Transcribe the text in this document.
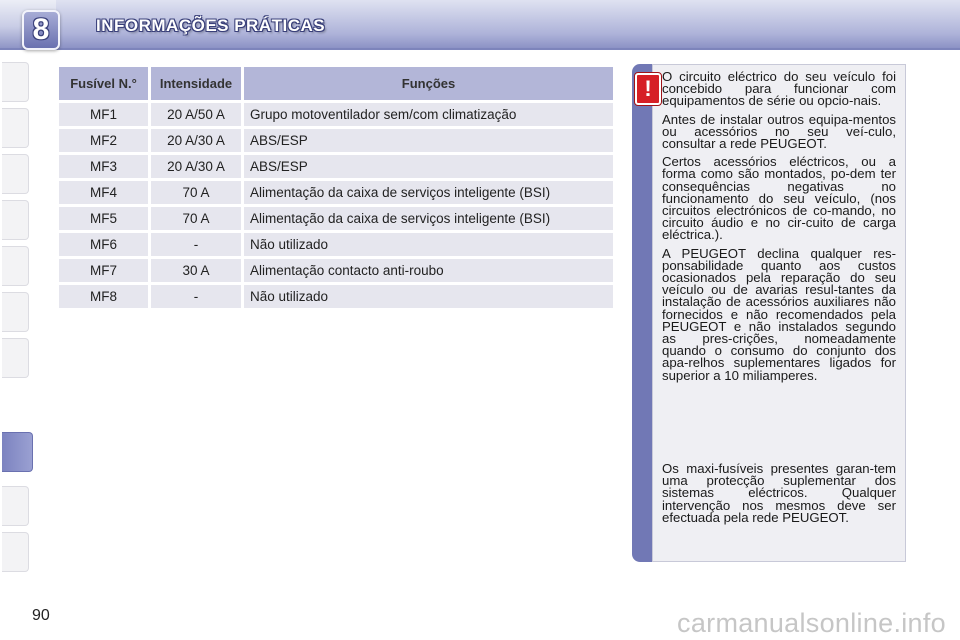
8	INFORMAÇÕES PRÁTICAS
Fusível N.°	Intensidade	Funções
MF1	20 A/50 A	Grupo motoventilador sem/com climatização
MF2	20 A/30 A	ABS/ESP
MF3	20 A/30 A	ABS/ESP
MF4	70 A	Alimentação da caixa de serviços inteligente (BSI)
MF5	70 A	Alimentação da caixa de serviços inteligente (BSI)
MF6	-	Não utilizado
MF7	30 A	Alimentação contacto anti-roubo
MF8	-	Não utilizado
! O circuito eléctrico do seu veículo foi concebido para funcionar com equipamentos de série ou opcio-nais.

Antes de instalar outros equipa-mentos ou acessórios no seu veí-culo, consultar a rede PEUGEOT.

Certos acessórios eléctricos, ou a forma como são montados, po-dem ter consequências negativas no funcionamento do seu veículo, (nos circuitos electrónicos de co-mando, no circuito áudio e no cir-cuito de carga eléctrica.).

A PEUGEOT declina qualquer res-ponsabilidade quanto aos custos ocasionados pela reparação do seu veículo ou de avarias resul-tantes da instalação de acessórios auxiliares não fornecidos e não recomendados pela PEUGEOT e não instalados segundo as pres-crições, nomeadamente quando o consumo do conjunto dos apa-relhos suplementares ligados for superior a 10 miliamperes.

Os maxi-fusíveis presentes garan-tem uma protecção suplementar dos sistemas eléctricos. Qualquer intervenção nos mesmos deve ser efectuada pela rede PEUGEOT.

90	carmanualsonline.info
